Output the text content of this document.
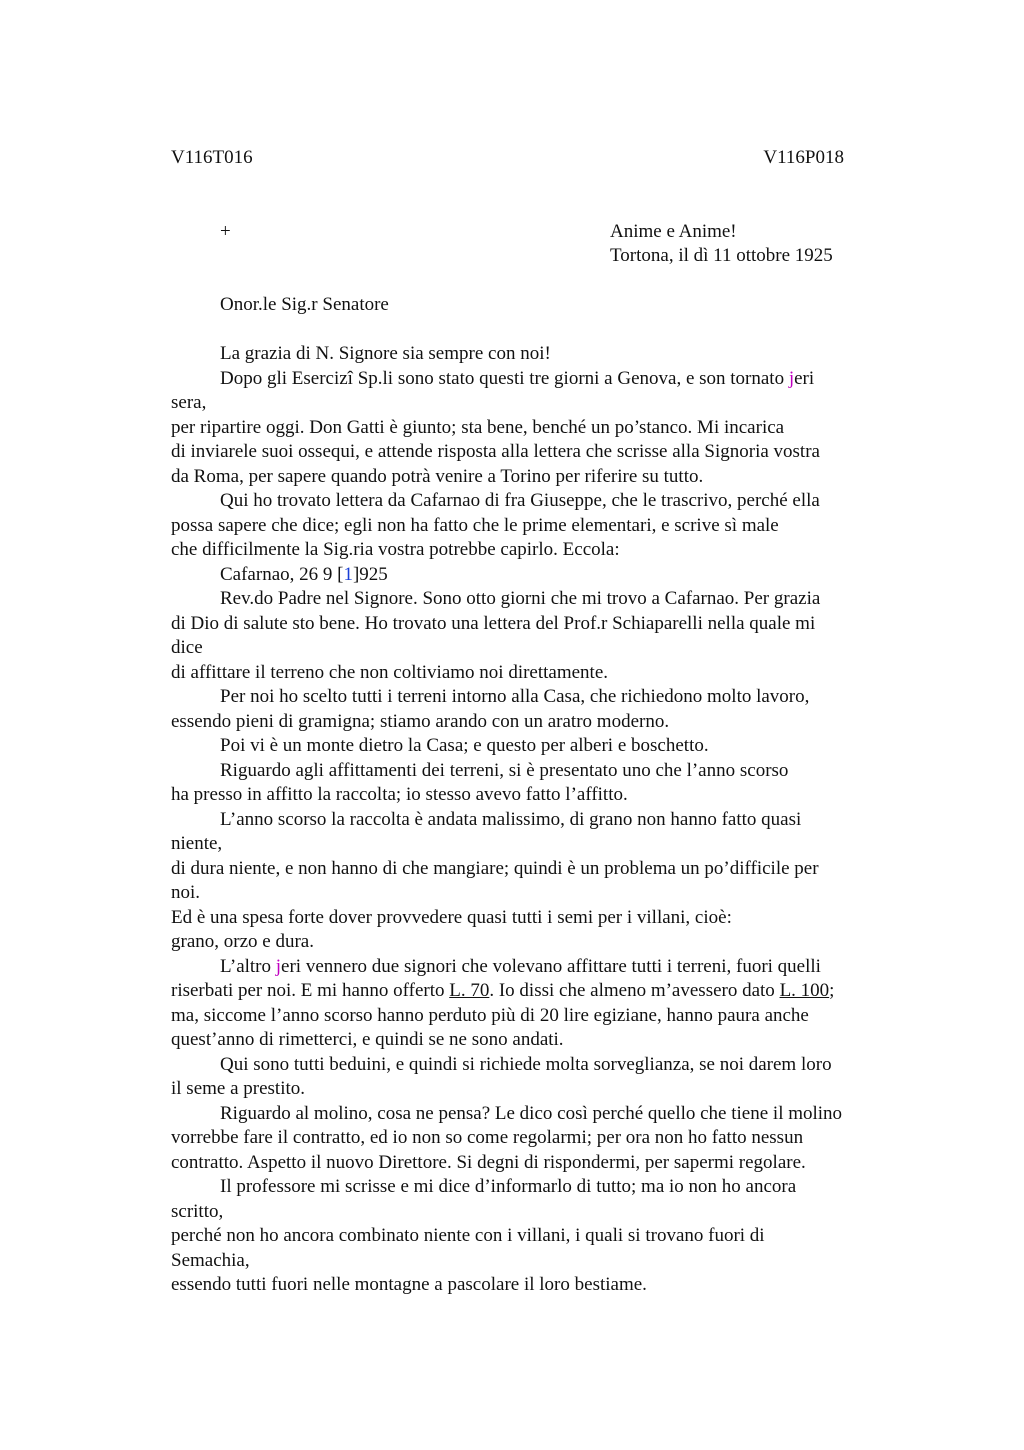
V116T016	V116P018
+	Anime e Anime!
Tortona, il dì 11 ottobre 1925
Onor.le Sig.r Senatore

La grazia di N. Signore sia sempre con noi!

Dopo gli Esercizî Sp.li sono stato questi tre giorni a Genova, e son tornato jeri

sera,

per ripartire oggi. Don Gatti è giunto; sta bene, benché un po’stanco. Mi incarica

di inviarele suoi ossequi, e attende risposta alla lettera che scrisse alla Signoria vostra

da Roma, per sapere quando potrà venire a Torino per riferire su tutto.

Qui ho trovato lettera da Cafarnao di fra Giuseppe, che le trascrivo, perché ella

possa sapere che dice; egli non ha fatto che le prime elementari, e scrive sì male

che difficilmente la Sig.ria vostra potrebbe capirlo. Eccola:

Cafarnao, 26 9 [1]925

Rev.do Padre nel Signore. Sono otto giorni che mi trovo a Cafarnao. Per grazia

di Dio di salute sto bene. Ho trovato una lettera del Prof.r Schiaparelli nella quale mi

dice

di affittare il terreno che non coltiviamo noi direttamente.

Per noi ho scelto tutti i terreni intorno alla Casa, che richiedono molto lavoro,

essendo pieni di gramigna; stiamo arando con un aratro moderno.

Poi vi è un monte dietro la Casa; e questo per alberi e boschetto.

Riguardo agli affittamenti dei terreni, si è presentato uno che l’anno scorso

ha presso in affitto la raccolta; io stesso avevo fatto l’affitto.

L’anno scorso la raccolta è andata malissimo, di grano non hanno fatto quasi

niente,

di dura niente, e non hanno di che mangiare; quindi è un problema un po’difficile per

noi.

Ed è una spesa forte dover provvedere quasi tutti i semi per i villani, cioè:

grano, orzo e dura.

L’altro jeri vennero due signori che volevano affittare tutti i terreni, fuori quelli

riserbati per noi. E mi hanno offerto L. 70. Io dissi che almeno m’avessero dato L. 100;

ma, siccome l’anno scorso hanno perduto più di 20 lire egiziane, hanno paura anche

quest’anno di rimetterci, e quindi se ne sono andati.

Qui sono tutti beduini, e quindi si richiede molta sorveglianza, se noi darem loro

il seme a prestito.

Riguardo al molino, cosa ne pensa? Le dico così perché quello che tiene il molino

vorrebbe fare il contratto, ed io non so come regolarmi; per ora non ho fatto nessun

contratto. Aspetto il nuovo Direttore. Si degni di rispondermi, per sapermi regolare.

Il professore mi scrisse e mi dice d’informarlo di tutto; ma io non ho ancora

scritto,

perché non ho ancora combinato niente con i villani, i quali si trovano fuori di

Semachia,

essendo tutti fuori nelle montagne a pascolare il loro bestiame.
